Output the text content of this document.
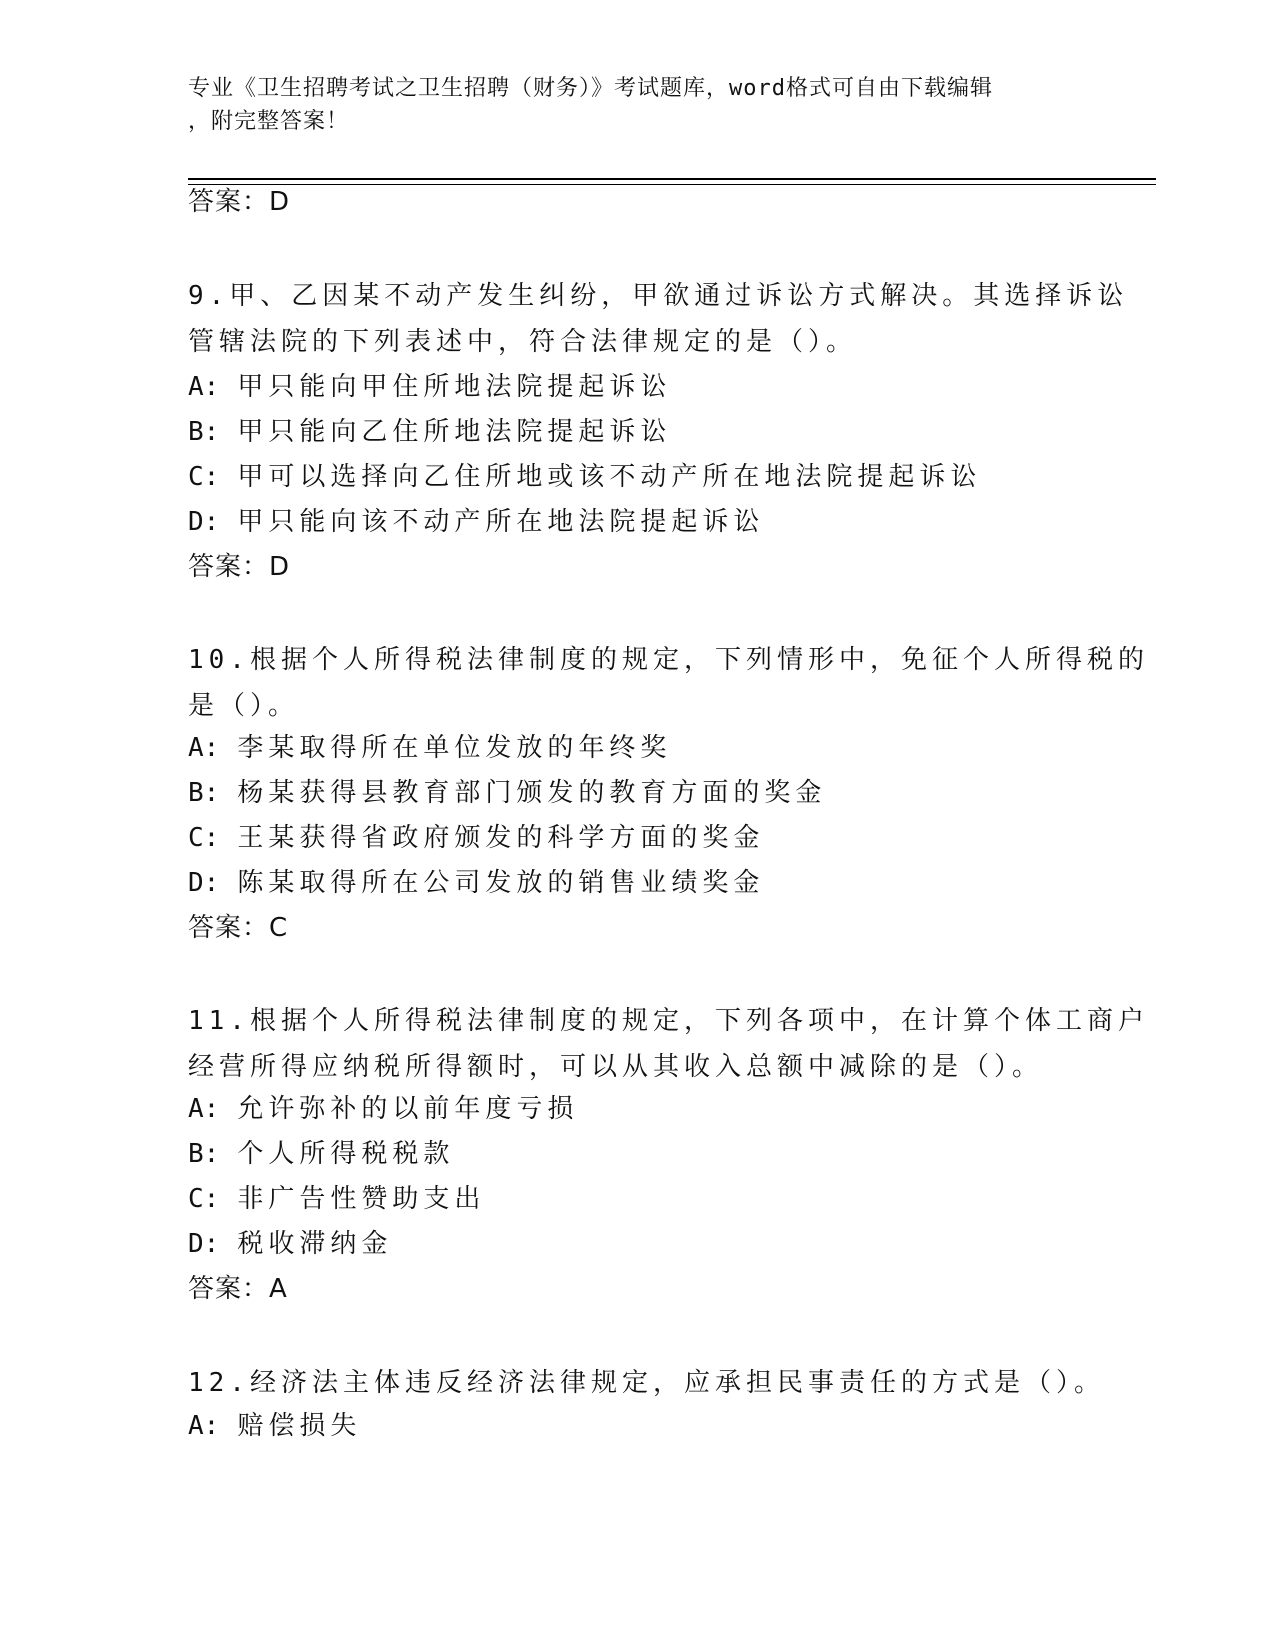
专业《卫生招聘考试之卫生招聘（财务）》考试题库，word格式可自由下载编辑
，附完整答案！
答案：D
9.甲、乙因某不动产发生纠纷，甲欲通过诉讼方式解决。其选择诉讼
管辖法院的下列表述中，符合法律规定的是（）。
A: 甲只能向甲住所地法院提起诉讼
B: 甲只能向乙住所地法院提起诉讼
C: 甲可以选择向乙住所地或该不动产所在地法院提起诉讼
D: 甲只能向该不动产所在地法院提起诉讼
答案：D
10.根据个人所得税法律制度的规定，下列情形中，免征个人所得税的
是（）。
A: 李某取得所在单位发放的年终奖
B: 杨某获得县教育部门颁发的教育方面的奖金
C: 王某获得省政府颁发的科学方面的奖金
D: 陈某取得所在公司发放的销售业绩奖金
答案：C
11.根据个人所得税法律制度的规定，下列各项中，在计算个体工商户
经营所得应纳税所得额时，可以从其收入总额中减除的是（）。
A: 允许弥补的以前年度亏损
B: 个人所得税税款
C: 非广告性赞助支出
D: 税收滞纳金
答案：A
12.经济法主体违反经济法律规定，应承担民事责任的方式是（）。
A: 赔偿损失
